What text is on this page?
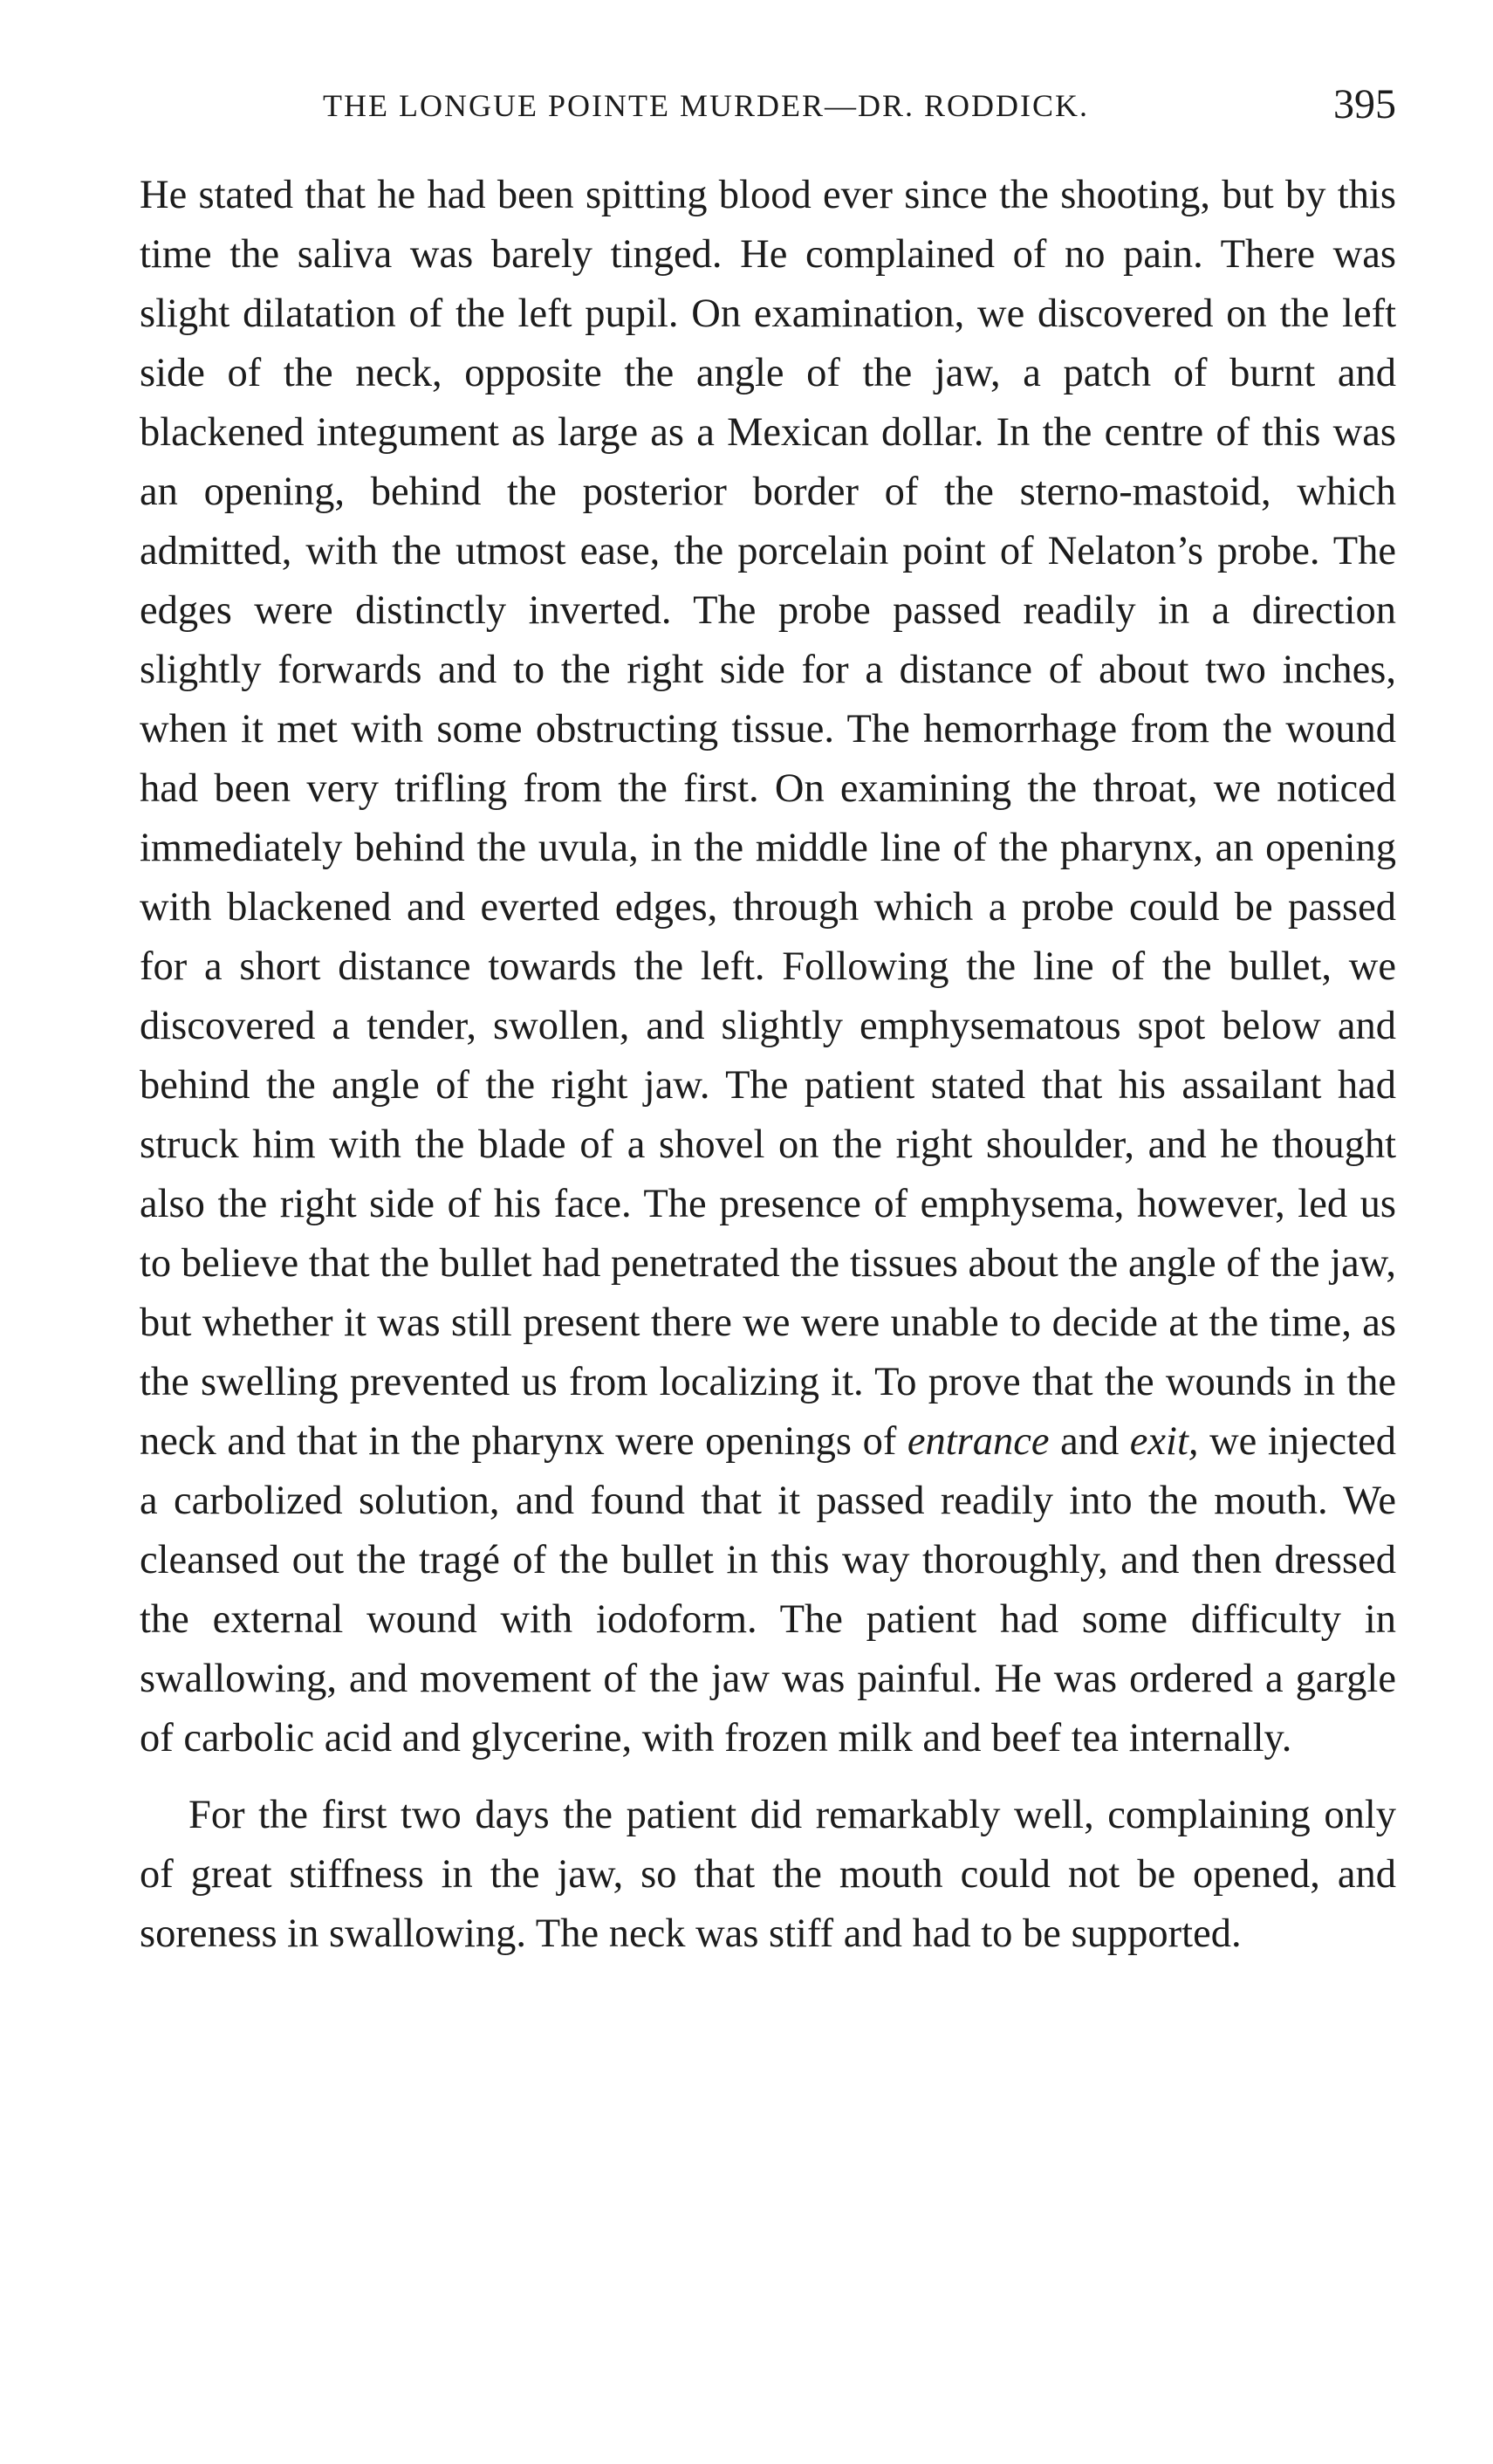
THE LONGUE POINTE MURDER—DR. RODDICK.	395

He stated that he had been spitting blood ever since the shooting, but by this time the saliva was barely tinged. He complained of no pain. There was slight dilatation of the left pupil. On examination, we discovered on the left side of the neck, opposite the angle of the jaw, a patch of burnt and blackened integument as large as a Mexican dollar. In the centre of this was an opening, behind the posterior border of the sterno-mastoid, which admitted, with the utmost ease, the porcelain point of Nelaton’s probe. The edges were distinctly inverted. The probe passed readily in a direction slightly forwards and to the right side for a distance of about two inches, when it met with some obstructing tissue. The hemorrhage from the wound had been very trifling from the first. On examining the throat, we noticed immediately behind the uvula, in the middle line of the pharynx, an opening with blackened and everted edges, through which a probe could be passed for a short distance towards the left. Following the line of the bullet, we discovered a tender, swollen, and slightly emphysematous spot below and behind the angle of the right jaw. The patient stated that his assailant had struck him with the blade of a shovel on the right shoulder, and he thought also the right side of his face. The presence of emphysema, however, led us to believe that the bullet had penetrated the tissues about the angle of the jaw, but whether it was still present there we were unable to decide at the time, as the swelling prevented us from localizing it. To prove that the wounds in the neck and that in the pharynx were openings of entrance and exit, we injected a carbolized solution, and found that it passed readily into the mouth. We cleansed out the tragé of the bullet in this way thoroughly, and then dressed the external wound with iodoform. The patient had some difficulty in swallowing, and movement of the jaw was painful. He was ordered a gargle of carbolic acid and glycerine, with frozen milk and beef tea internally.

For the first two days the patient did remarkably well, complaining only of great stiffness in the jaw, so that the mouth could not be opened, and soreness in swallowing. The neck was stiff and had to be supported.
